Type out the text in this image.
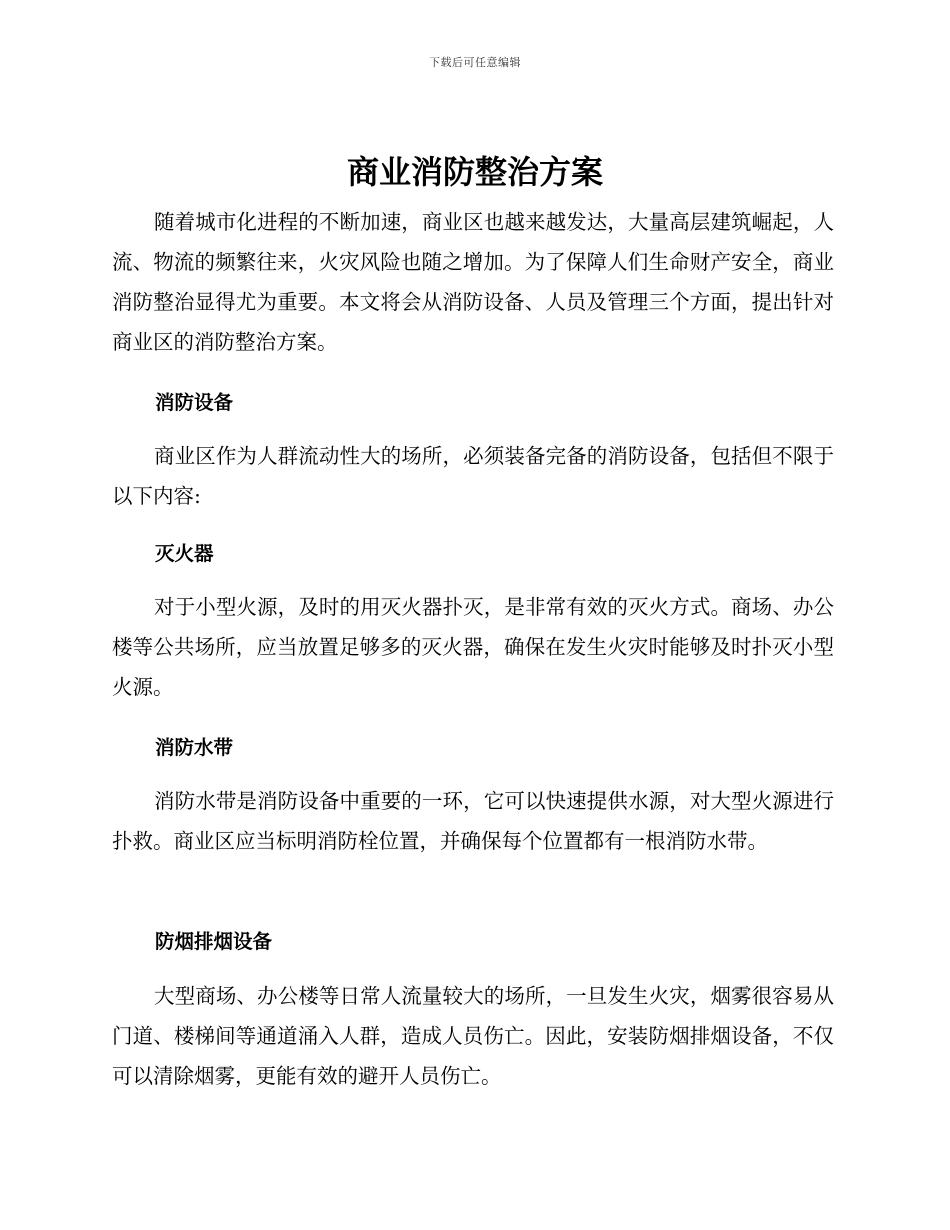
下载后可任意编辑
商业消防整治方案

随着城市化进程的不断加速，商业区也越来越发达，大量高层建筑崛起，人流、物流的频繁往来，火灾风险也随之增加。为了保障人们生命财产安全，商业消防整治显得尤为重要。本文将会从消防设备、人员及管理三个方面，提出针对商业区的消防整治方案。

消防设备

商业区作为人群流动性大的场所，必须装备完备的消防设备，包括但不限于以下内容:

灭火器

对于小型火源，及时的用灭火器扑灭，是非常有效的灭火方式。商场、办公楼等公共场所，应当放置足够多的灭火器，确保在发生火灾时能够及时扑灭小型火源。

消防水带

消防水带是消防设备中重要的一环，它可以快速提供水源，对大型火源进行扑救。商业区应当标明消防栓位置，并确保每个位置都有一根消防水带。

防烟排烟设备

大型商场、办公楼等日常人流量较大的场所，一旦发生火灾，烟雾很容易从门道、楼梯间等通道涌入人群，造成人员伤亡。因此，安装防烟排烟设备，不仅可以清除烟雾，更能有效的避开人员伤亡。
